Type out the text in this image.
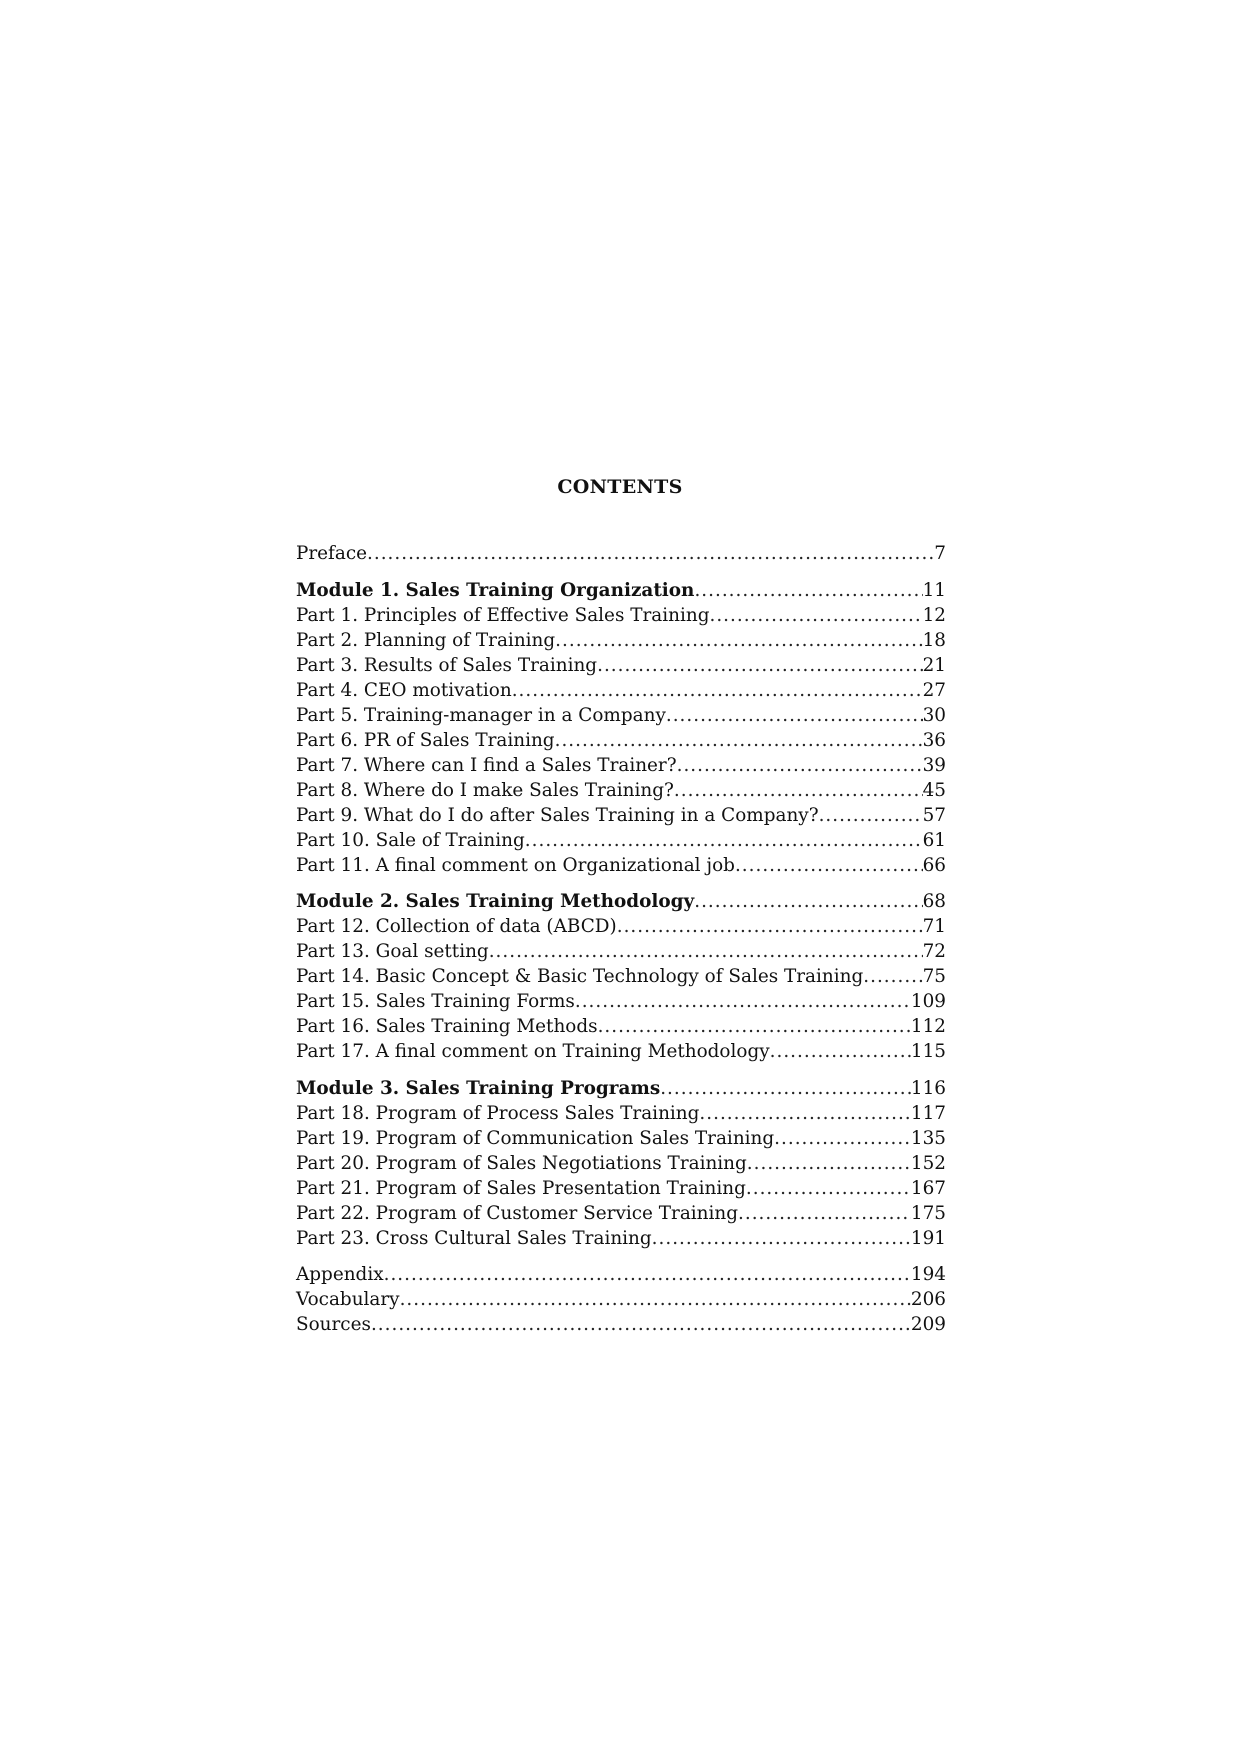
CONTENTS
Preface .....	7
Module 1. Sales Training Organization .....	11
Part 1. Principles of Effective Sales Training .....	12
Part 2. Planning of Training .....	18
Part 3. Results of Sales Training .....	21
Part 4. CEO motivation .....	27
Part 5. Training-manager in a Company .....	30
Part 6. PR of Sales Training .....	36
Part 7. Where can I find a Sales Trainer? .....	39
Part 8. Where do I make Sales Training? .....	45
Part 9. What do I do after Sales Training in a Company? .....	57
Part 10. Sale of Training .....	61
Part 11. A final comment on Organizational job .....	66
Module 2. Sales Training Methodology .....	68
Part 12. Collection of data (ABCD) .....	71
Part 13. Goal setting .....	72
Part 14. Basic Concept & Basic Technology of Sales Training .....	75
Part 15. Sales Training Forms .....	109
Part 16. Sales Training Methods .....	112
Part 17. A final comment on Training Methodology .....	115
Module 3. Sales Training Programs .....	116
Part 18. Program of Process Sales Training .....	117
Part 19. Program of Communication Sales Training .....	135
Part 20. Program of Sales Negotiations Training .....	152
Part 21. Program of Sales Presentation Training .....	167
Part 22. Program of Customer Service Training .....	175
Part 23. Cross Cultural Sales Training .....	191
Appendix .....	194
Vocabulary .....	206
Sources .....	209
